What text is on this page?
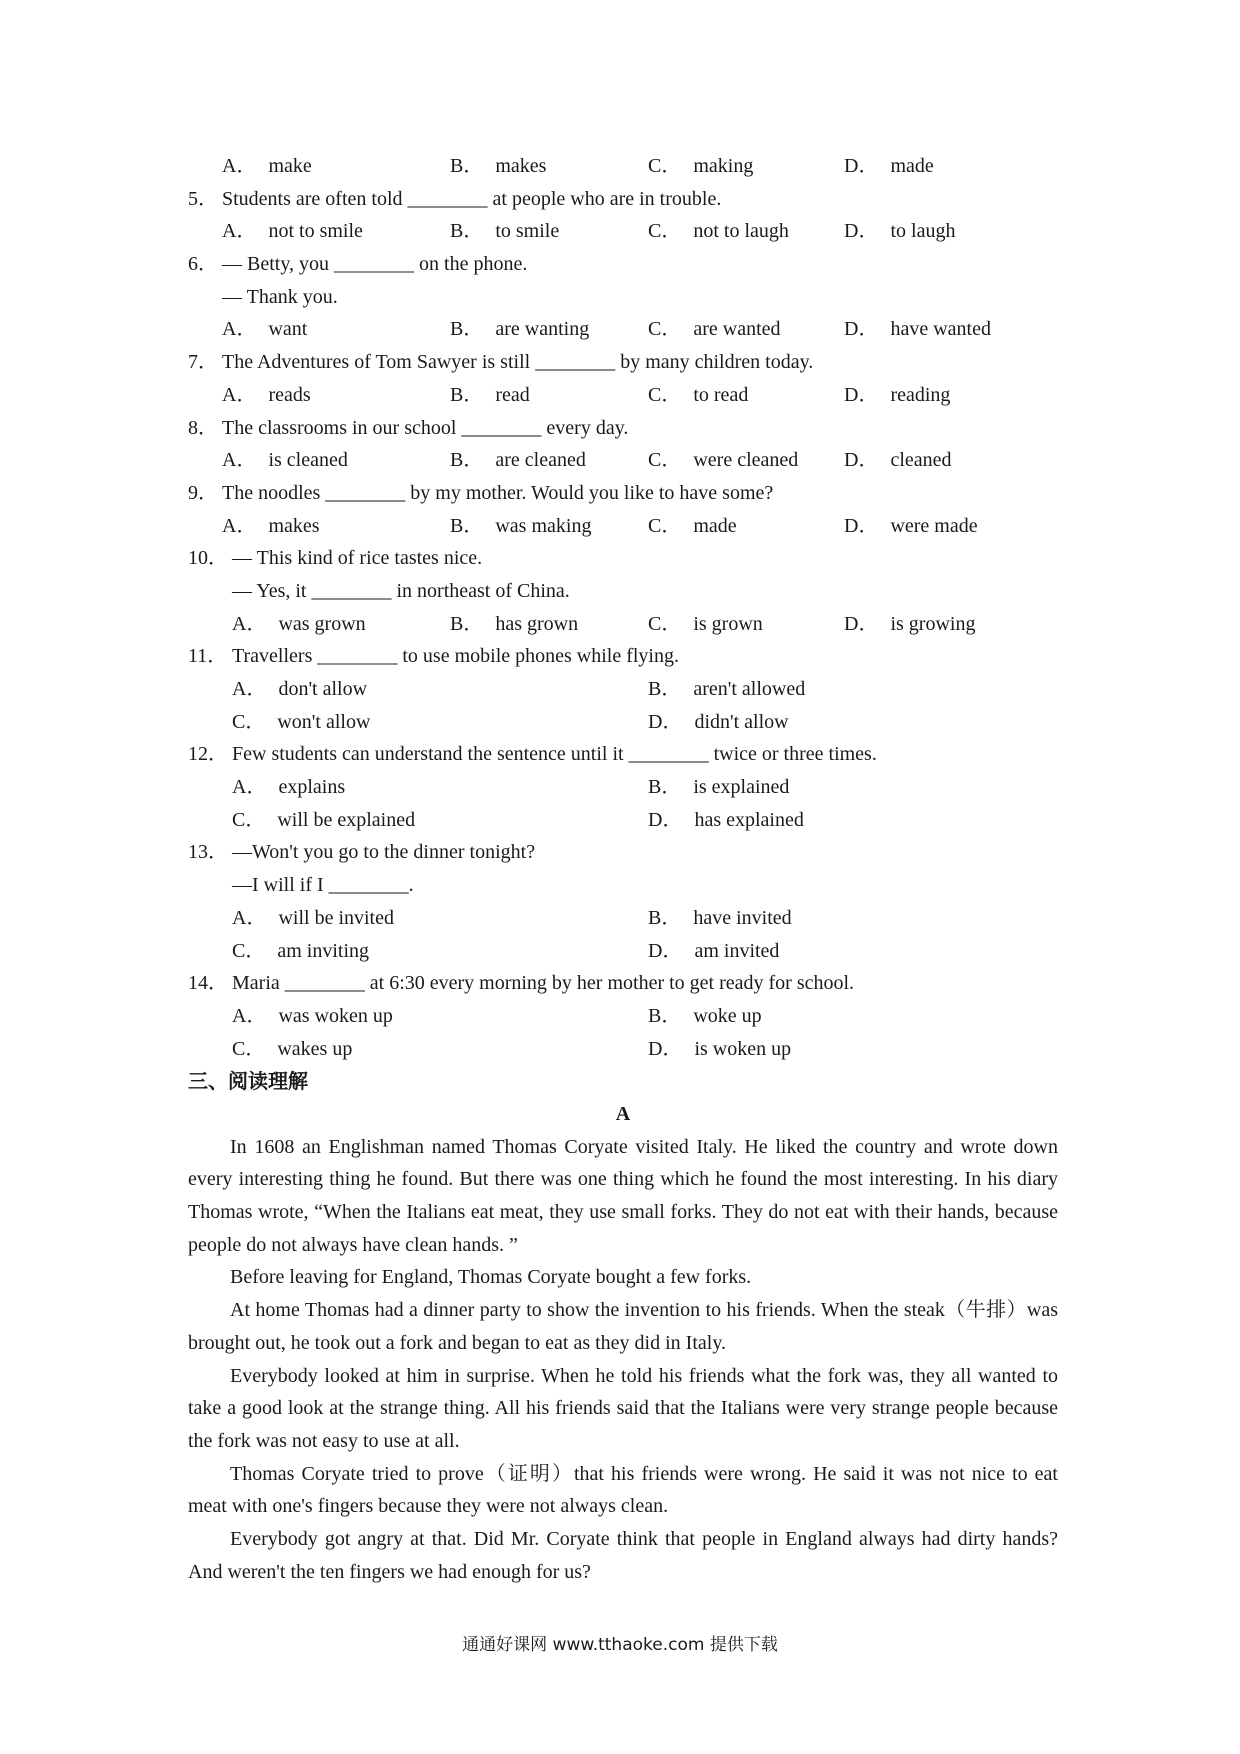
A． make	B． makes	C． making	D． made
5． Students are often told ________ at people who are in trouble.
A． not to smile	B． to smile	C． not to laugh	D． to laugh
6． — Betty, you ________ on the phone.
— Thank you.
A． want	B． are wanting	C． are wanted	D． have wanted
7． The Adventures of Tom Sawyer is still ________ by many children today.
A． reads	B． read	C． to read	D． reading
8． The classrooms in our school ________ every day.
A． is cleaned	B． are cleaned	C． were cleaned D． cleaned
9． The noodles ________ by my mother. Would you like to have some?
A． makes	B． was making	C． made	D． were made
10． — This kind of rice tastes nice.
— Yes, it ________ in northeast of China.
A． was grown	B． has grown	C． is grown	D． is growing
11． Travellers ________ to use mobile phones while flying.
A． don't allow	B． aren't allowed
C． won't allow	D． didn't allow
12． Few students can understand the sentence until it ________ twice or three times.
A． explains	B． is explained
C． will be explained	D． has explained
13． —Won't you go to the dinner tonight?
—I will if I ________.
A． will be invited	B． have invited
C． am inviting	D． am invited
14． Maria ________ at 6:30 every morning by her mother to get ready for school.
A． was woken up	B． woke up
C． wakes up	D． is woken up
三、阅读理解
A

In 1608 an Englishman named Thomas Coryate visited Italy. He liked the country and wrote down every interesting thing he found. But there was one thing which he found the most interesting. In his diary Thomas wrote, “When the Italians eat meat, they use small forks. They do not eat with their hands, because people do not always have clean hands. ”

Before leaving for England, Thomas Coryate bought a few forks.

At home Thomas had a dinner party to show the invention to his friends. When the steak（牛排）was brought out, he took out a fork and began to eat as they did in Italy.

Everybody looked at him in surprise. When he told his friends what the fork was, they all wanted to take a good look at the strange thing. All his friends said that the Italians were very strange people because the fork was not easy to use at all.

Thomas Coryate tried to prove（证明）that his friends were wrong. He said it was not nice to eat meat with one's fingers because they were not always clean.

Everybody got angry at that. Did Mr. Coryate think that people in England always had dirty hands? And weren't the ten fingers we had enough for us?

通通好课网 www.tthaoke.com 提供下载
